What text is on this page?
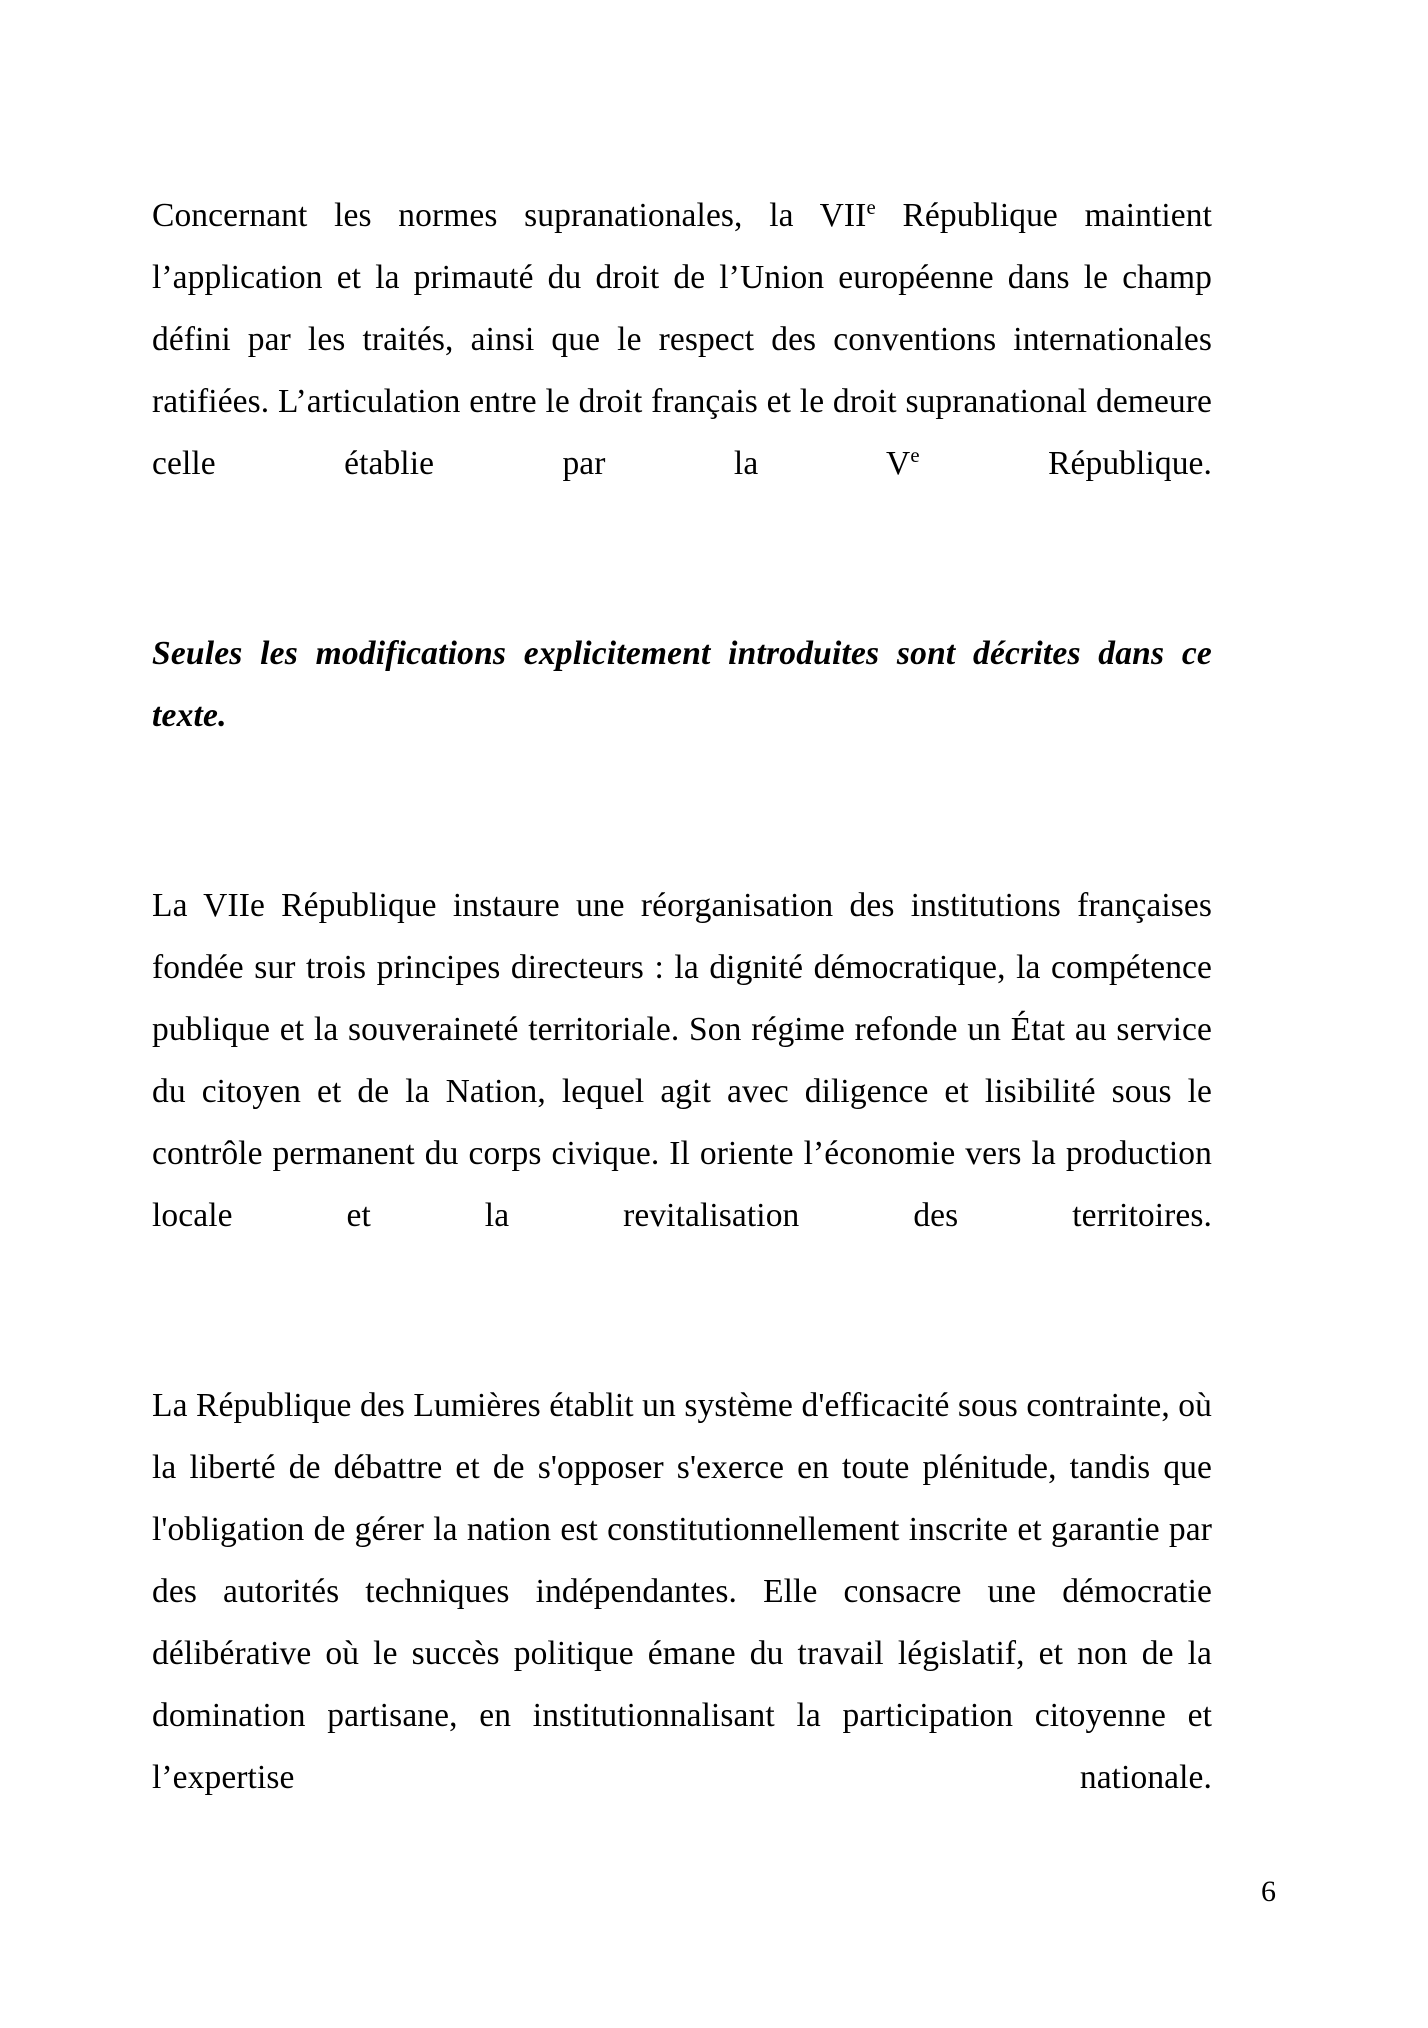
Concernant les normes supranationales, la VIIe République maintient l’application et la primauté du droit de l’Union européenne dans le champ défini par les traités, ainsi que le respect des conventions internationales ratifiées. L’articulation entre le droit français et le droit supranational demeure celle établie par la Ve République.

Seules les modifications explicitement introduites sont décrites dans ce texte.

La VIIe République instaure une réorganisation des institutions françaises fondée sur trois principes directeurs : la dignité démocratique, la compétence publique et la souveraineté territoriale. Son régime refonde un État au service du citoyen et de la Nation, lequel agit avec diligence et lisibilité sous le contrôle permanent du corps civique. Il oriente l’économie vers la production locale et la revitalisation des territoires.

La République des Lumières établit un système d'efficacité sous contrainte, où la liberté de débattre et de s'opposer s'exerce en toute plénitude, tandis que l'obligation de gérer la nation est constitutionnellement inscrite et garantie par des autorités techniques indépendantes. Elle consacre une démocratie délibérative où le succès politique émane du travail législatif, et non de la domination partisane, en institutionnalisant la participation citoyenne et l’expertise nationale.

6
